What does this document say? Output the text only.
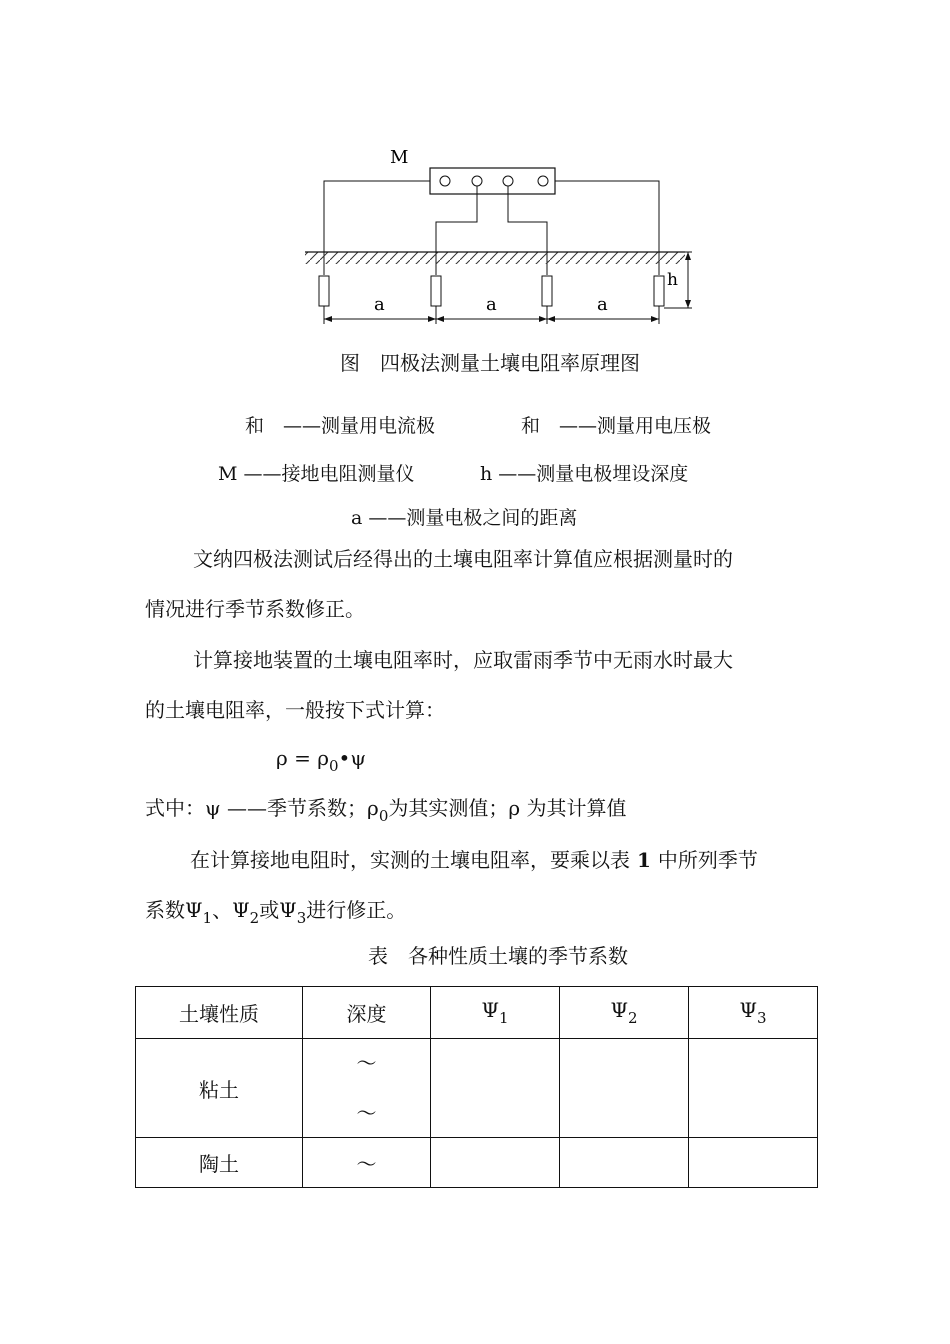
M
h
a	a	a
图　四极法测量土壤电阻率原理图
和　——测量用电流极	和　——测量用电压极
M ——接地电阻测量仪	h ——测量电极埋设深度
a ——测量电极之间的距离
文纳四极法测试后经得出的土壤电阻率计算值应根据测量时的
情况进行季节系数修正。
计算接地装置的土壤电阻率时，应取雷雨季节中无雨水时最大
的土壤电阻率，一般按下式计算：
$\rho = \rho_0•\psi$
式中：ψ ——季节系数；$\rho_0$为其实测值；ρ 为其计算值
在计算接地电阻时，实测的土壤电阻率，要乘以表 1 中所列季节
系数$\Psi_1$、$\Psi_2$或$\Psi_3$进行修正。
表　各种性质土壤的季节系数
土壤性质	深度	$\Psi_1$	$\Psi_2$	$\Psi_3$
粘土	～
～			

陶土	～			
